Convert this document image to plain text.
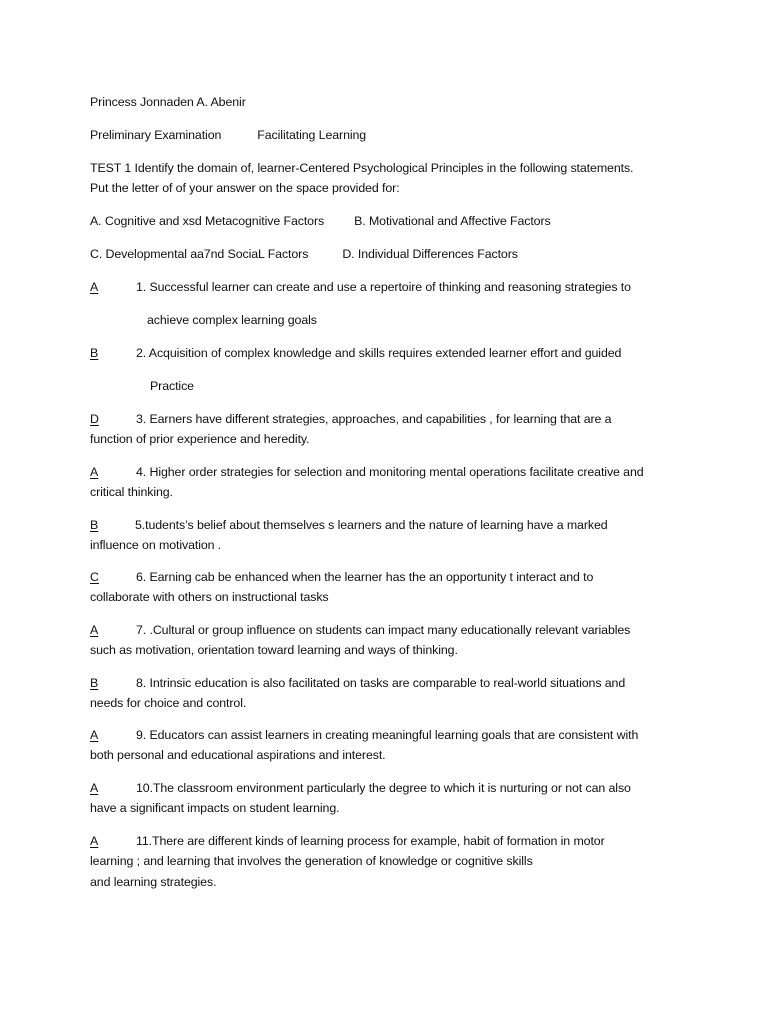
Princess Jonnaden A. Abenir
Preliminary Examination	Facilitating Learning
TEST 1 Identify the domain of, learner-Centered Psychological Principles in the following statements.
Put the letter of of your answer on the space provided for:
A. Cognitive and xsd Metacognitive Factors B. Motivational and Affective Factors
C. Developmental aa7nd SociaL Factors	D. Individual Differences Factors
A	1. Successful learner can create and use a repertoire of thinking and reasoning strategies to
achieve complex learning goals
B	2. Acquisition of complex knowledge and skills requires extended learner effort and guided
Practice
D	3. Earners have different strategies, approaches, and capabilities , for learning that are a
function of prior experience and heredity.
A	4. Higher order strategies for selection and monitoring mental operations facilitate creative and
critical thinking.
B	5.tudents’s belief about themselves s learners and the nature of learning have a marked
influence on motivation .
C	6. Earning cab be enhanced when the learner has the an opportunity t interact and to
collaborate with others on instructional tasks
A	7. .Cultural or group influence on students can impact many educationally relevant variables
such as motivation, orientation toward learning and ways of thinking.
B	8. Intrinsic education is also facilitated on tasks are comparable to real-world situations and
needs for choice and control.
A	9. Educators can assist learners in creating meaningful learning goals that are consistent with
both personal and educational aspirations and interest.
A	10.The classroom environment particularly the degree to which it is nurturing or not can also
have a significant impacts on student learning.
A	11.There are different kinds of learning process for example, habit of formation in motor
learning ; and learning that involves the generation of knowledge or cognitive skills
and learning strategies.
